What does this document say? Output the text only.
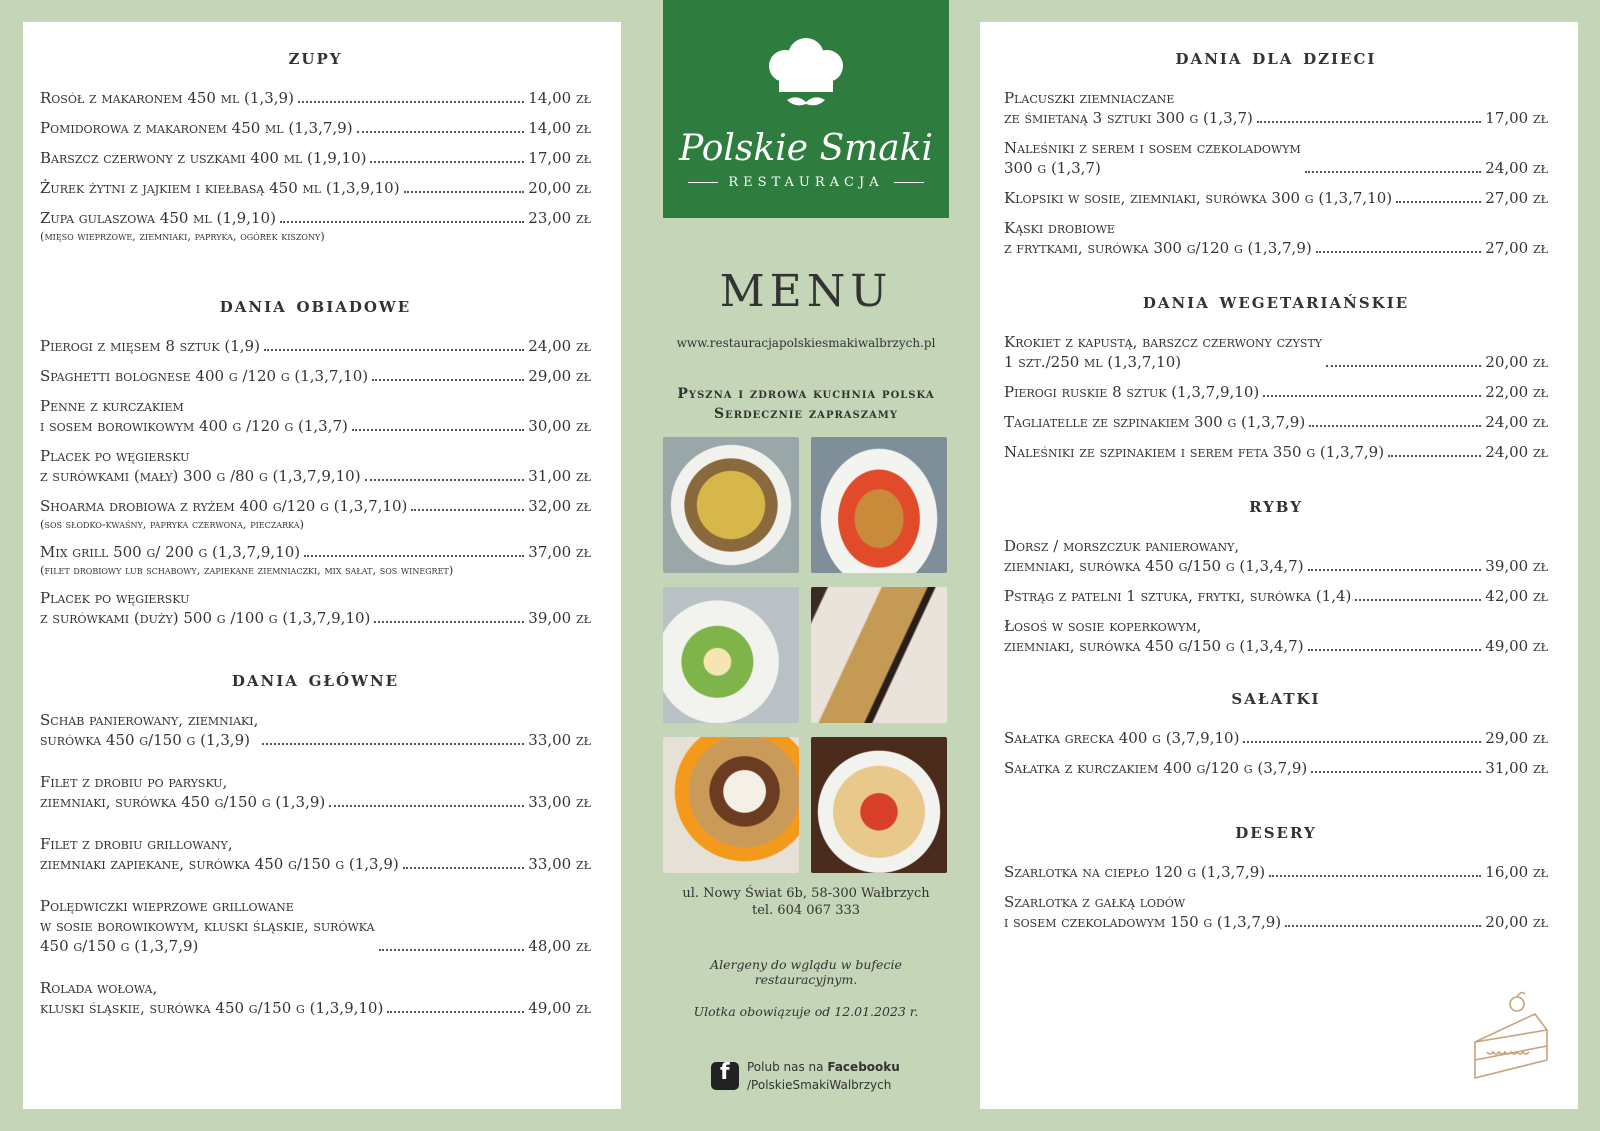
zupy
Rosół z makaronem 450 ml (1,3,9)	14,00 zł
Pomidorowa z makaronem 450 ml (1,3,7,9)	14,00 zł
Barszcz czerwony z uszkami 400 ml (1,9,10)	17,00 zł
Żurek żytni z jajkiem i kiełbasą 450 ml (1,3,9,10)	20,00 zł
Zupa gulaszowa 450 ml (1,9,10)	23,00 zł
(mięso wieprzowe, ziemniaki, papryka, ogórek kiszony)
dania obiadowe
Pierogi z mięsem 8 sztuk (1,9)	24,00 zł
Spaghetti bolognese 400 g /120 g (1,3,7,10)	29,00 zł
Penne z kurczakiem
i sosem borowikowym 400 g /120 g (1,3,7)	30,00 zł
Placek po węgiersku
z surówkami (mały) 300 g /80 g (1,3,7,9,10)	31,00 zł
Shoarma drobiowa z ryżem 400 g/120 g (1,3,7,10)	32,00 zł
(sos słodko-kwaśny, papryka czerwona, pieczarka)
Mix grill 500 g/ 200 g (1,3,7,9,10)	37,00 zł
(filet drobiowy lub schabowy, zapiekane ziemniaczki, mix sałat, sos winegret)
Placek po węgiersku
z surówkami (duży) 500 g /100 g (1,3,7,9,10)	39,00 zł
dania główne
Schab panierowany, ziemniaki,
surówka 450 g/150 g (1,3,9)	33,00 zł
Filet z drobiu po parysku,
ziemniaki, surówka 450 g/150 g (1,3,9)	33,00 zł
Filet z drobiu grillowany,
ziemniaki zapiekane, surówka 450 g/150 g (1,3,9)	33,00 zł
Polędwiczki wieprzowe grillowane
w sosie borowikowym, kluski śląskie, surówka
450 g/150 g (1,3,7,9)	48,00 zł
Rolada wołowa,
kluski śląskie, surówka 450 g/150 g (1,3,9,10)	49,00 zł
Polskie Smaki
RESTAURACJA
MENU
www.restauracjapolskiesmakiwalbrzych.pl
Pyszna i zdrowa kuchnia polska
Serdecznie zapraszamy
ul. Nowy Świat 6b, 58-300 Wałbrzych
tel. 604 067 333
Alergeny do wglądu w bufecie restauracyjnym.
Ulotka obowiązuje od 12.01.2023 r.
f
Polub nas na Facebooku
/PolskieSmakiWalbrzych
dania dla dzieci
Placuszki ziemniaczane
ze śmietaną 3 sztuki 300 g (1,3,7)	17,00 zł
Naleśniki z serem i sosem czekoladowym
300 g (1,3,7)	24,00 zł
Klopsiki w sosie, ziemniaki, surówka 300 g (1,3,7,10)	27,00 zł
Kąski drobiowe
z frytkami, surówka 300 g/120 g (1,3,7,9)	27,00 zł
dania wegetariańskie
Krokiet z kapustą, barszcz czerwony czysty
1 szt./250 ml (1,3,7,10)	20,00 zł
Pierogi ruskie 8 sztuk (1,3,7,9,10)	22,00 zł
Tagliatelle ze szpinakiem 300 g (1,3,7,9)	24,00 zł
Naleśniki ze szpinakiem i serem feta 350 g (1,3,7,9)	24,00 zł
ryby
Dorsz / morszczuk panierowany,
ziemniaki, surówka 450 g/150 g (1,3,4,7)	39,00 zł
Pstrąg z patelni 1 sztuka, frytki, surówka (1,4)	42,00 zł
Łosoś w sosie koperkowym,
ziemniaki, surówka 450 g/150 g (1,3,4,7)	49,00 zł
sałatki
Sałatka grecka 400 g (3,7,9,10)	29,00 zł
Sałatka z kurczakiem 400 g/120 g (3,7,9)	31,00 zł
desery
Szarlotka na ciepło 120 g (1,3,7,9)	16,00 zł
Szarlotka z gałką lodów
i sosem czekoladowym 150 g (1,3,7,9)	20,00 zł
